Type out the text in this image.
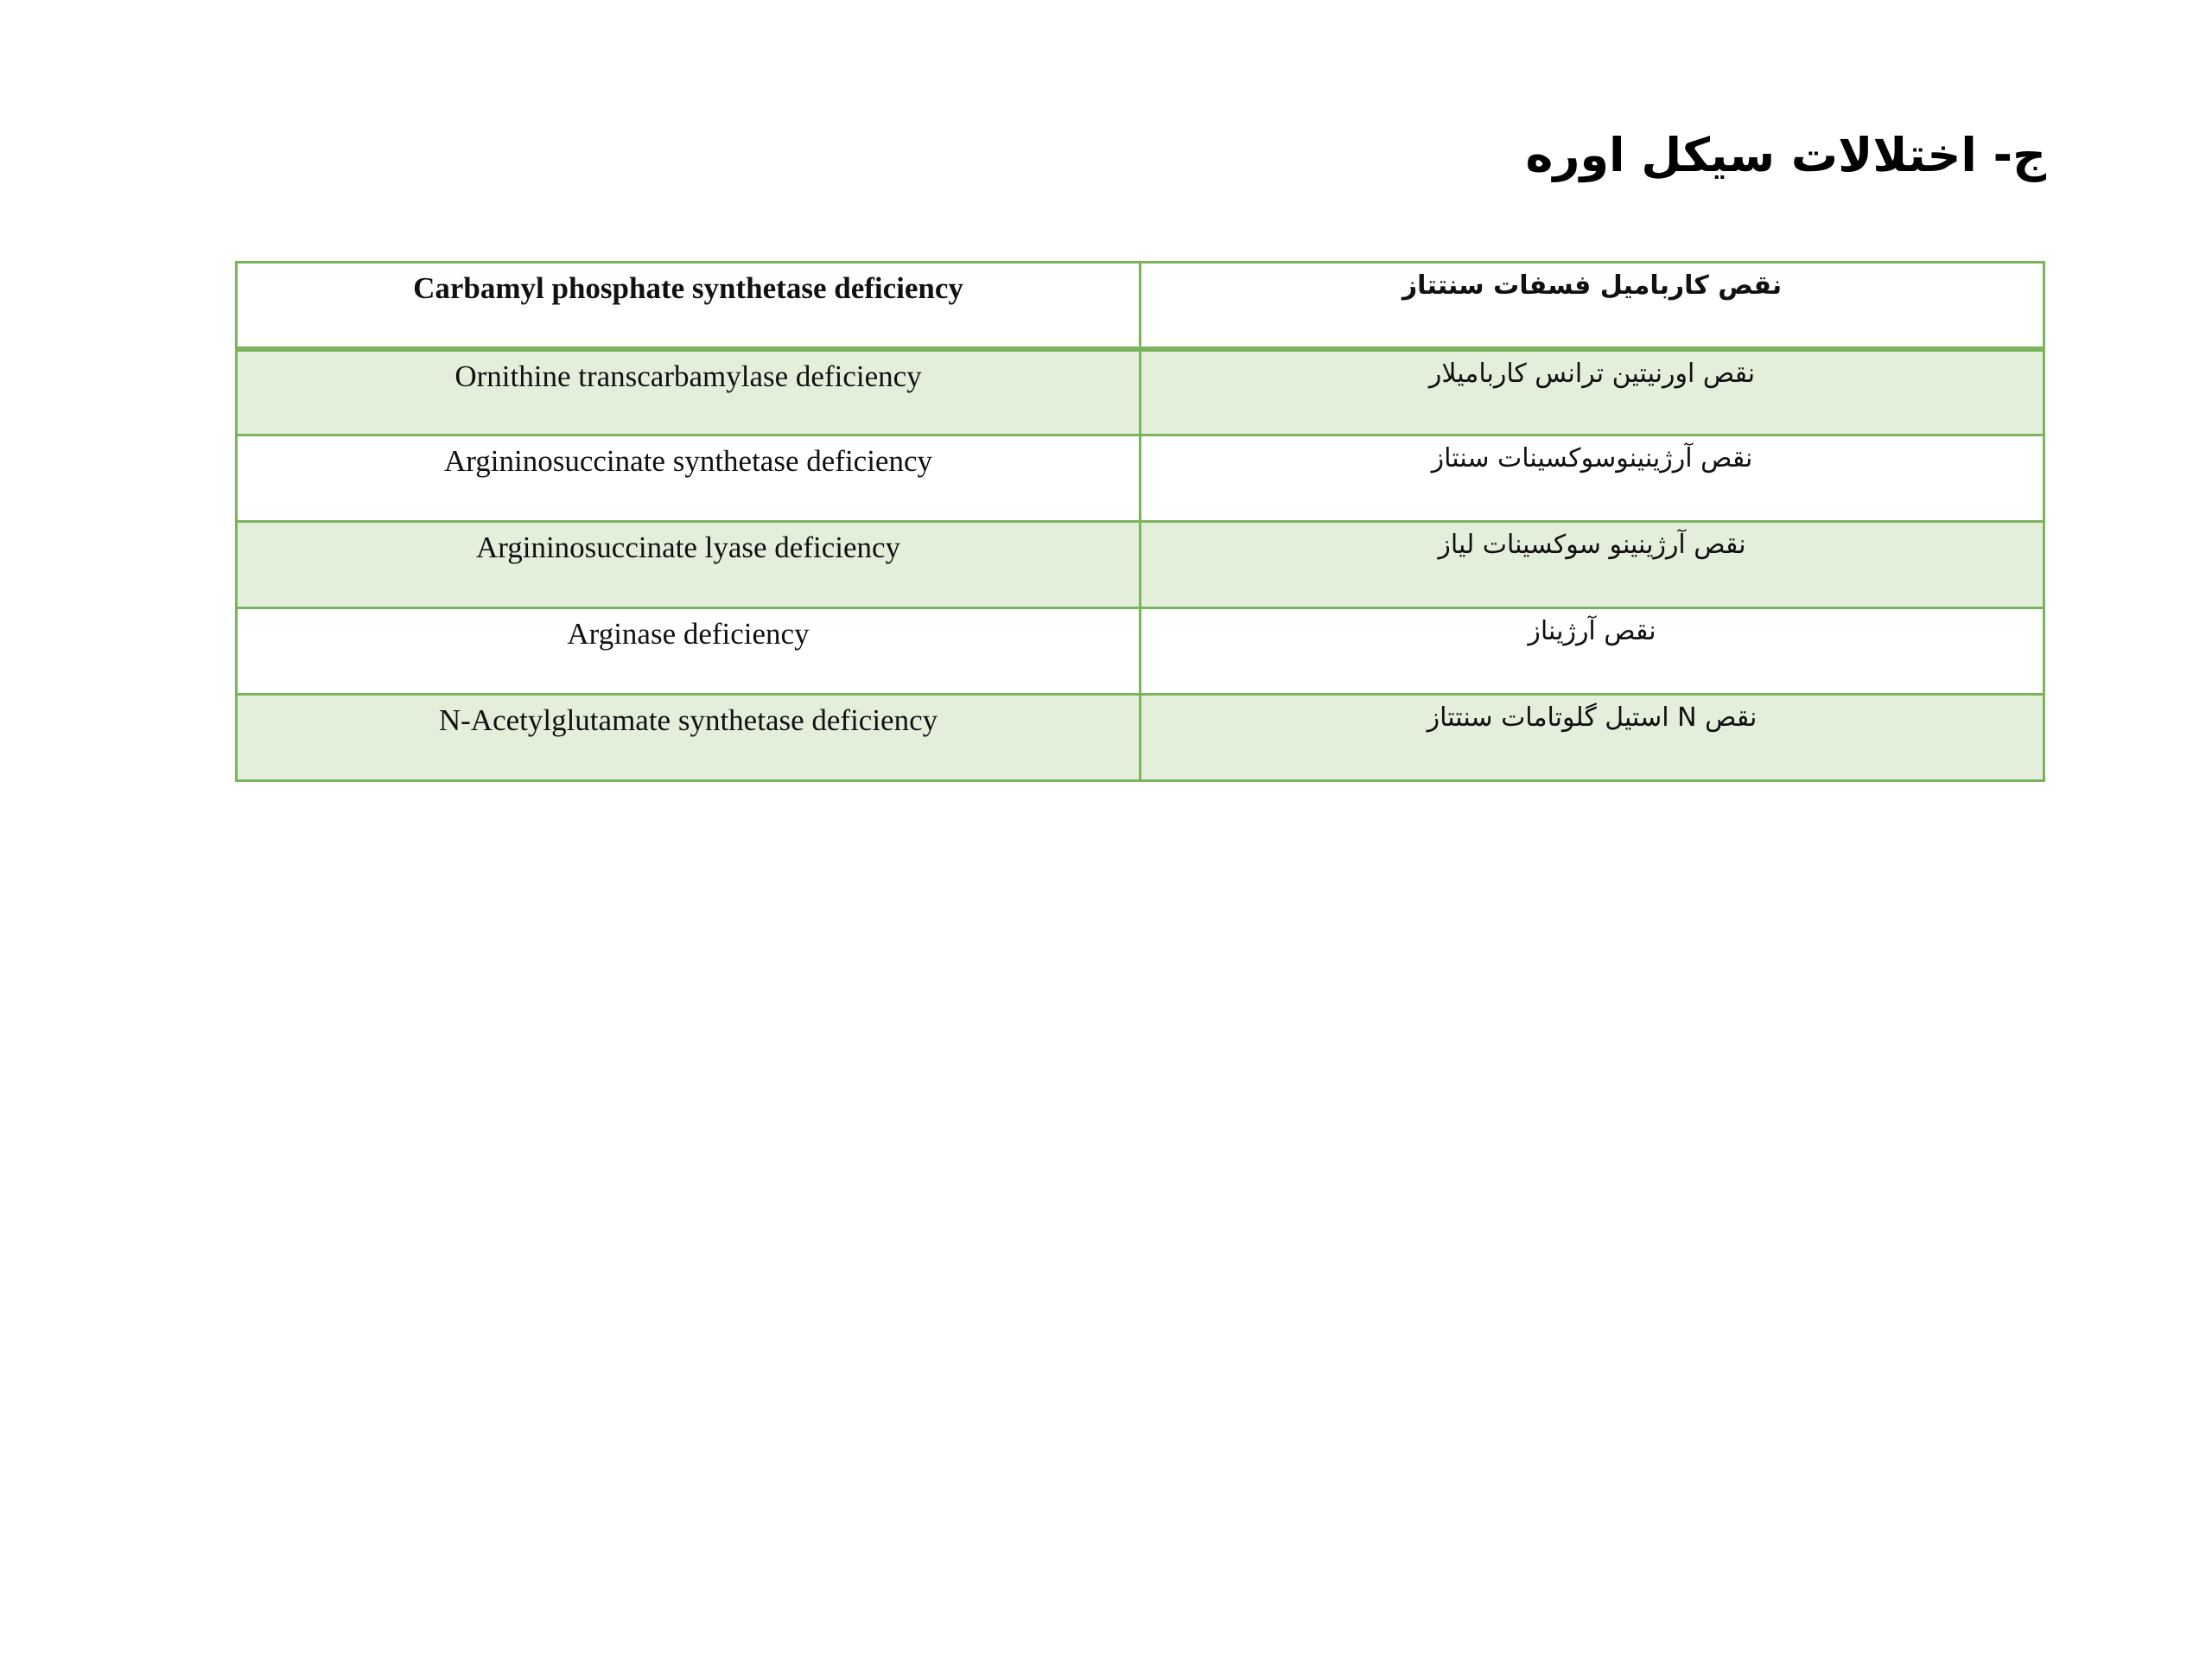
ج- اختلالات سیکل اوره
Carbamyl phosphate synthetase deficiency	نقص کاربامیل فسفات سنتتاز

Ornithine transcarbamylase deficiency	نقص اورنیتین ترانس کاربامیلار

Argininosuccinate synthetase deficiency	نقص آرژینینوسوکسینات سنتاز

Argininosuccinate lyase deficiency	نقص آرژینینو سوکسینات لیاز

Arginase deficiency	نقص آرژیناز

N-Acetylglutamate synthetase deficiency	نقص N استیل گلوتامات سنتتاز
